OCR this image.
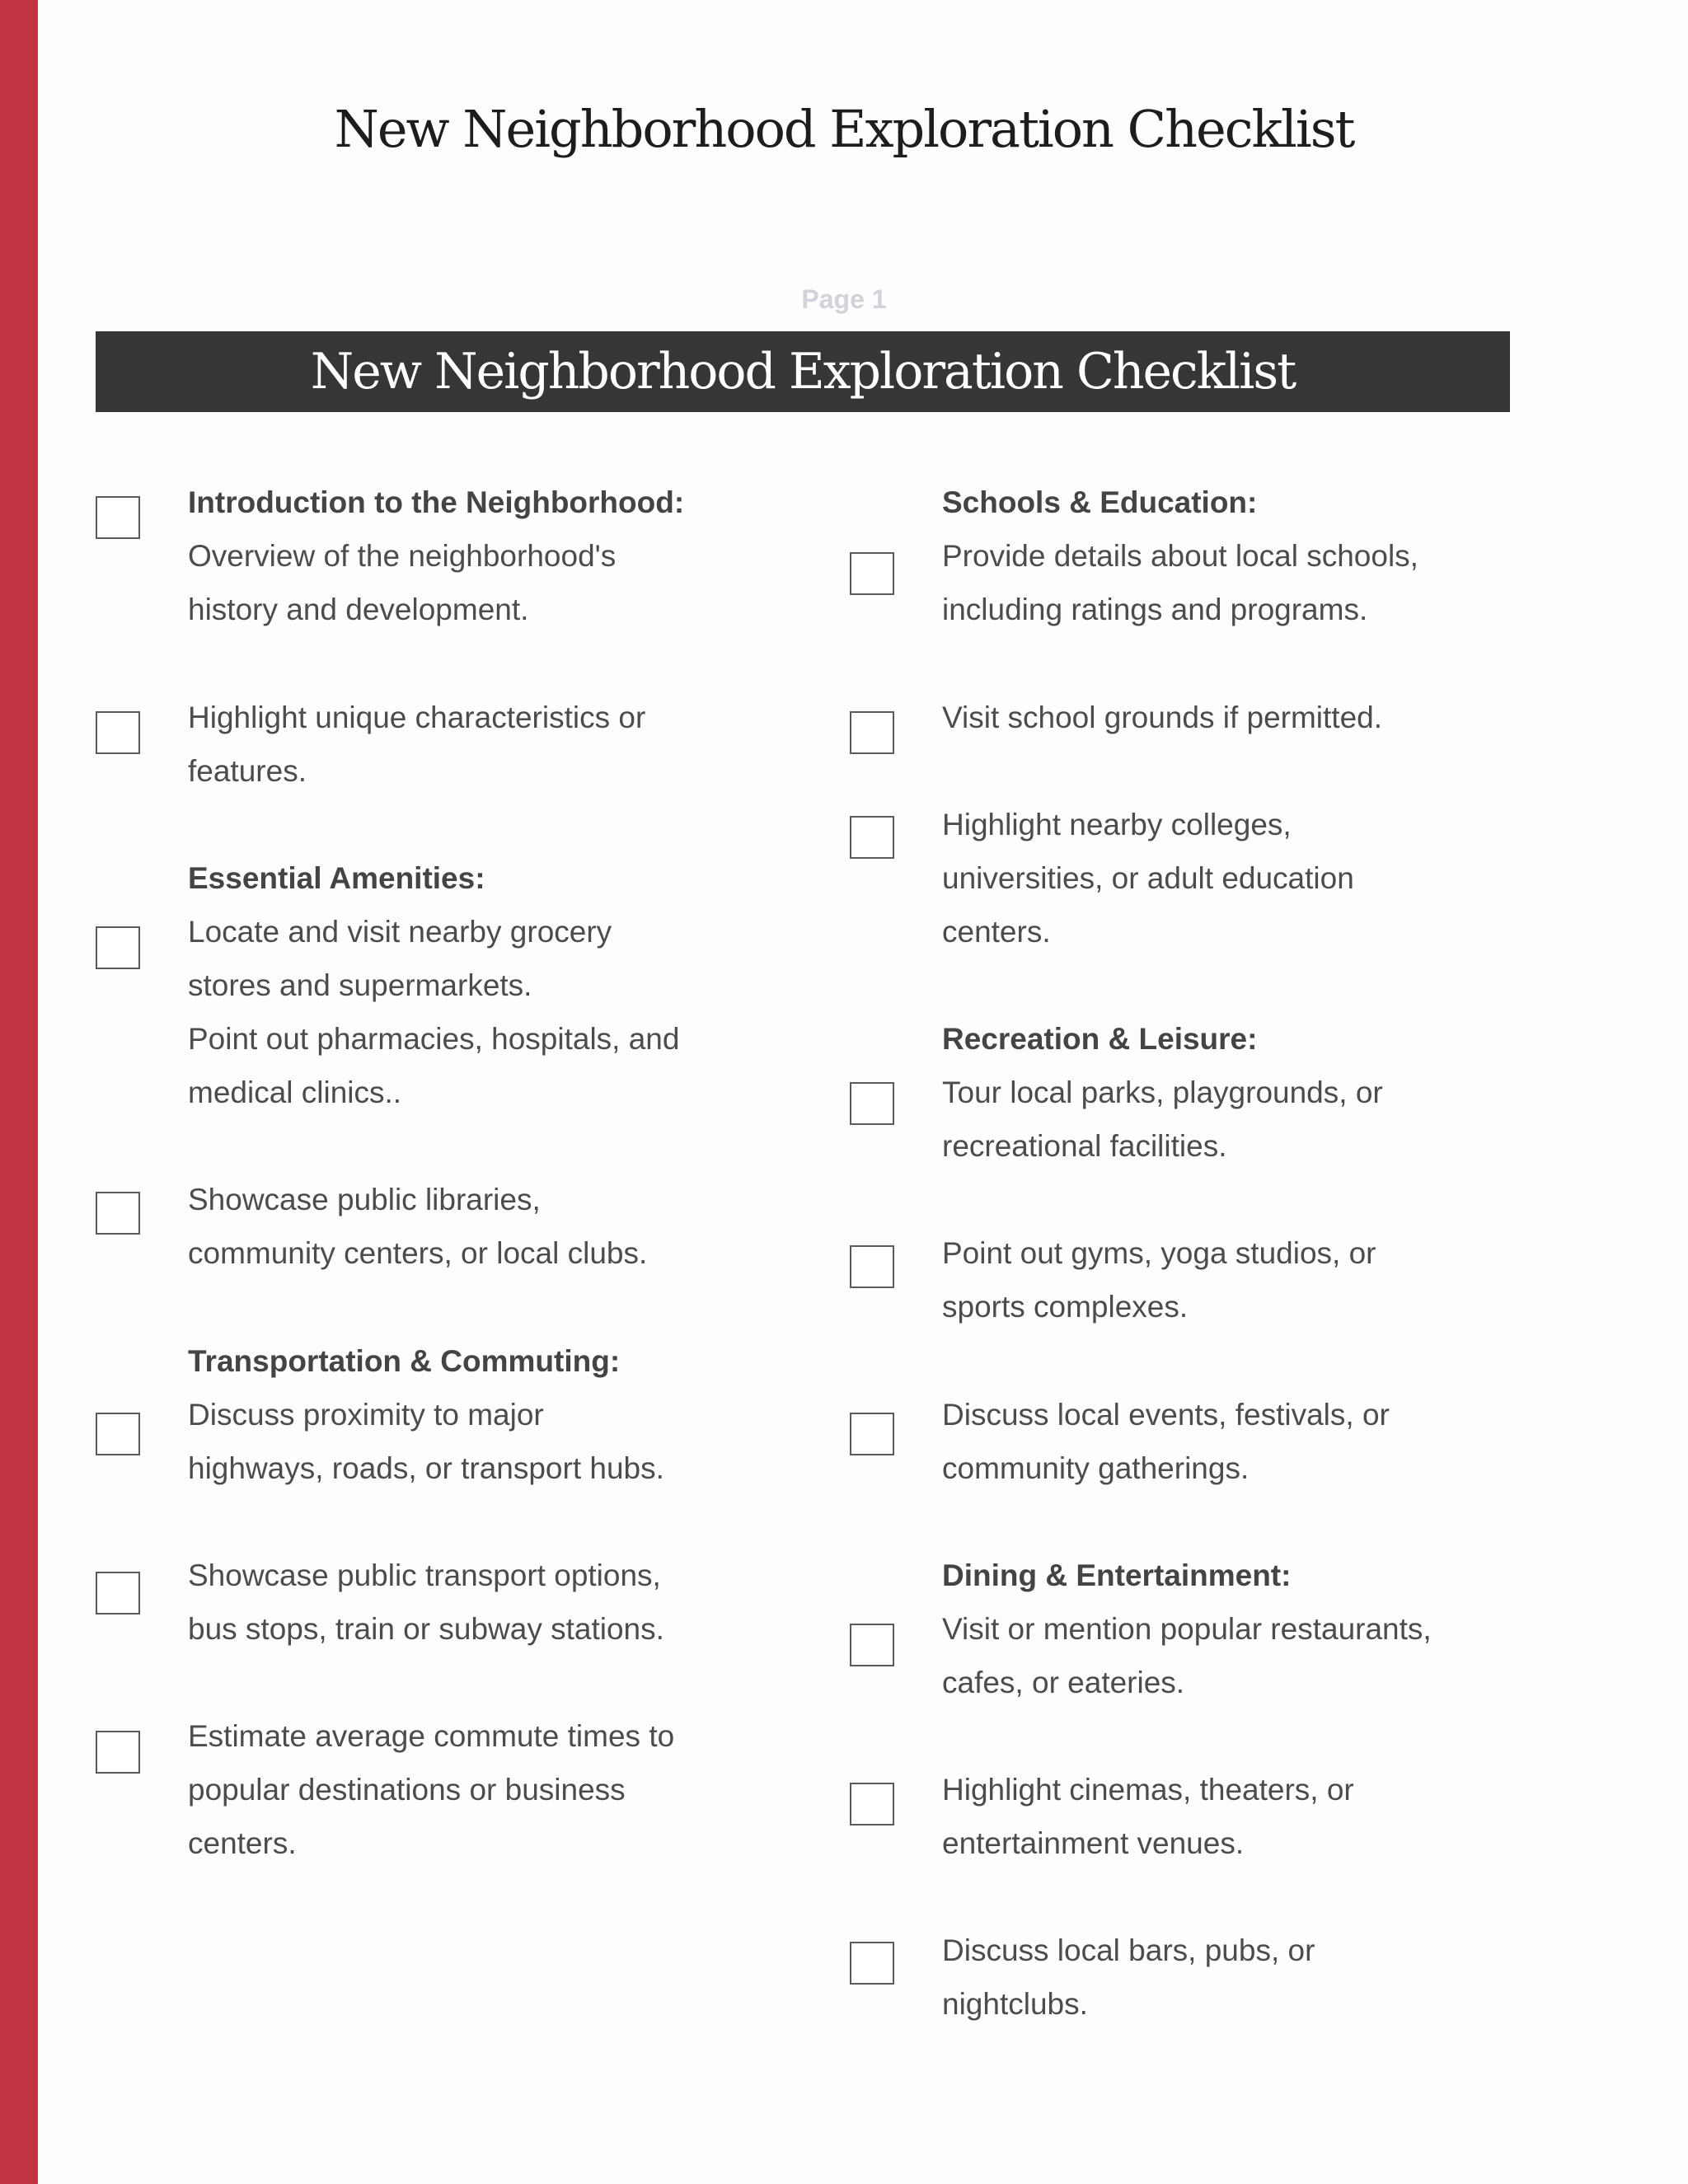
New Neighborhood Exploration Checklist
Page 1
New Neighborhood Exploration Checklist
Introduction to the Neighborhood:
Overview of the neighborhood's
history and development.
Highlight unique characteristics or
features.
Essential Amenities:
Locate and visit nearby grocery
stores and supermarkets.
Point out pharmacies, hospitals, and
medical clinics..
Showcase public libraries,
community centers, or local clubs.
Transportation & Commuting:
Discuss proximity to major
highways, roads, or transport hubs.
Showcase public transport options,
bus stops, train or subway stations.
Estimate average commute times to
popular destinations or business
centers.
Schools & Education:
Provide details about local schools,
including ratings and programs.
Visit school grounds if permitted.
Highlight nearby colleges,
universities, or adult education
centers.
Recreation & Leisure:
Tour local parks, playgrounds, or
recreational facilities.
Point out gyms, yoga studios, or
sports complexes.
Discuss local events, festivals, or
community gatherings.
Dining & Entertainment:
Visit or mention popular restaurants,
cafes, or eateries.
Highlight cinemas, theaters, or
entertainment venues.
Discuss local bars, pubs, or
nightclubs.
